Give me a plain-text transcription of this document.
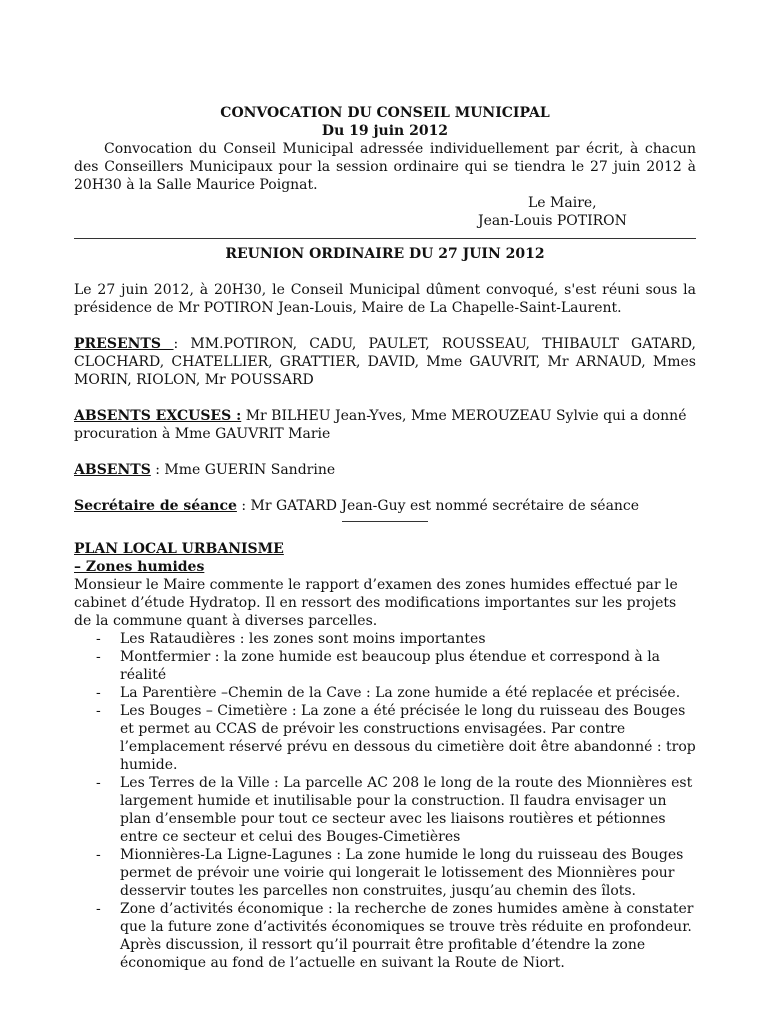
CONVOCATION DU CONSEIL MUNICIPAL

Du 19 juin 2012

Convocation du Conseil Municipal adressée individuellement par écrit, à chacun des Conseillers Municipaux pour la session ordinaire qui se tiendra le 27 juin 2012 à 20H30 à la Salle Maurice Poignat.

Le Maire,

Jean-Louis POTIRON

REUNION ORDINAIRE DU 27 JUIN 2012

Le 27 juin 2012, à 20H30, le Conseil Municipal dûment convoqué, s'est réuni sous la présidence de Mr POTIRON Jean-Louis, Maire de La Chapelle-Saint-Laurent.

PRESENTS : MM.POTIRON, CADU, PAULET, ROUSSEAU, THIBAULT GATARD, CLOCHARD, CHATELLIER, GRATTIER, DAVID, Mme GAUVRIT, Mr ARNAUD, Mmes MORIN, RIOLON, Mr POUSSARD

ABSENTS EXCUSES : Mr BILHEU Jean-Yves, Mme MEROUZEAU Sylvie qui a donné procuration à Mme GAUVRIT Marie

ABSENTS : Mme GUERIN Sandrine

Secrétaire de séance : Mr GATARD Jean-Guy est nommé secrétaire de séance

PLAN LOCAL URBANISME

– Zones humides

Monsieur le Maire commente le rapport d’examen des zones humides effectué par le cabinet d’étude Hydratop. Il en ressort des modifications importantes sur les projets de la commune quant à diverses parcelles.

- Les Rataudières : les zones sont moins importantes
- Montfermier : la zone humide est beaucoup plus étendue et correspond à la réalité
- La Parentière –Chemin de la Cave : La zone humide a été replacée et précisée.
- Les Bouges – Cimetière : La zone a été précisée le long du ruisseau des Bouges et permet au CCAS de prévoir les constructions envisagées. Par contre l’emplacement réservé prévu en dessous du cimetière doit être abandonné : trop humide.
- Les Terres de la Ville : La parcelle AC 208 le long de la route des Mionnières est largement humide et inutilisable pour la construction. Il faudra envisager un plan d’ensemble pour tout ce secteur avec les liaisons routières et pétionnes entre ce secteur et celui des Bouges-Cimetières
- Mionnières-La Ligne-Lagunes : La zone humide le long du ruisseau des Bouges permet de prévoir une voirie qui longerait le lotissement des Mionnières pour desservir toutes les parcelles non construites, jusqu’au chemin des îlots.
- Zone d’activités économique : la recherche de zones humides amène à constater que la future zone d’activités économiques se trouve très réduite en profondeur. Après discussion, il ressort qu’il pourrait être profitable d’étendre la zone économique au fond de l’actuelle en suivant la Route de Niort.
